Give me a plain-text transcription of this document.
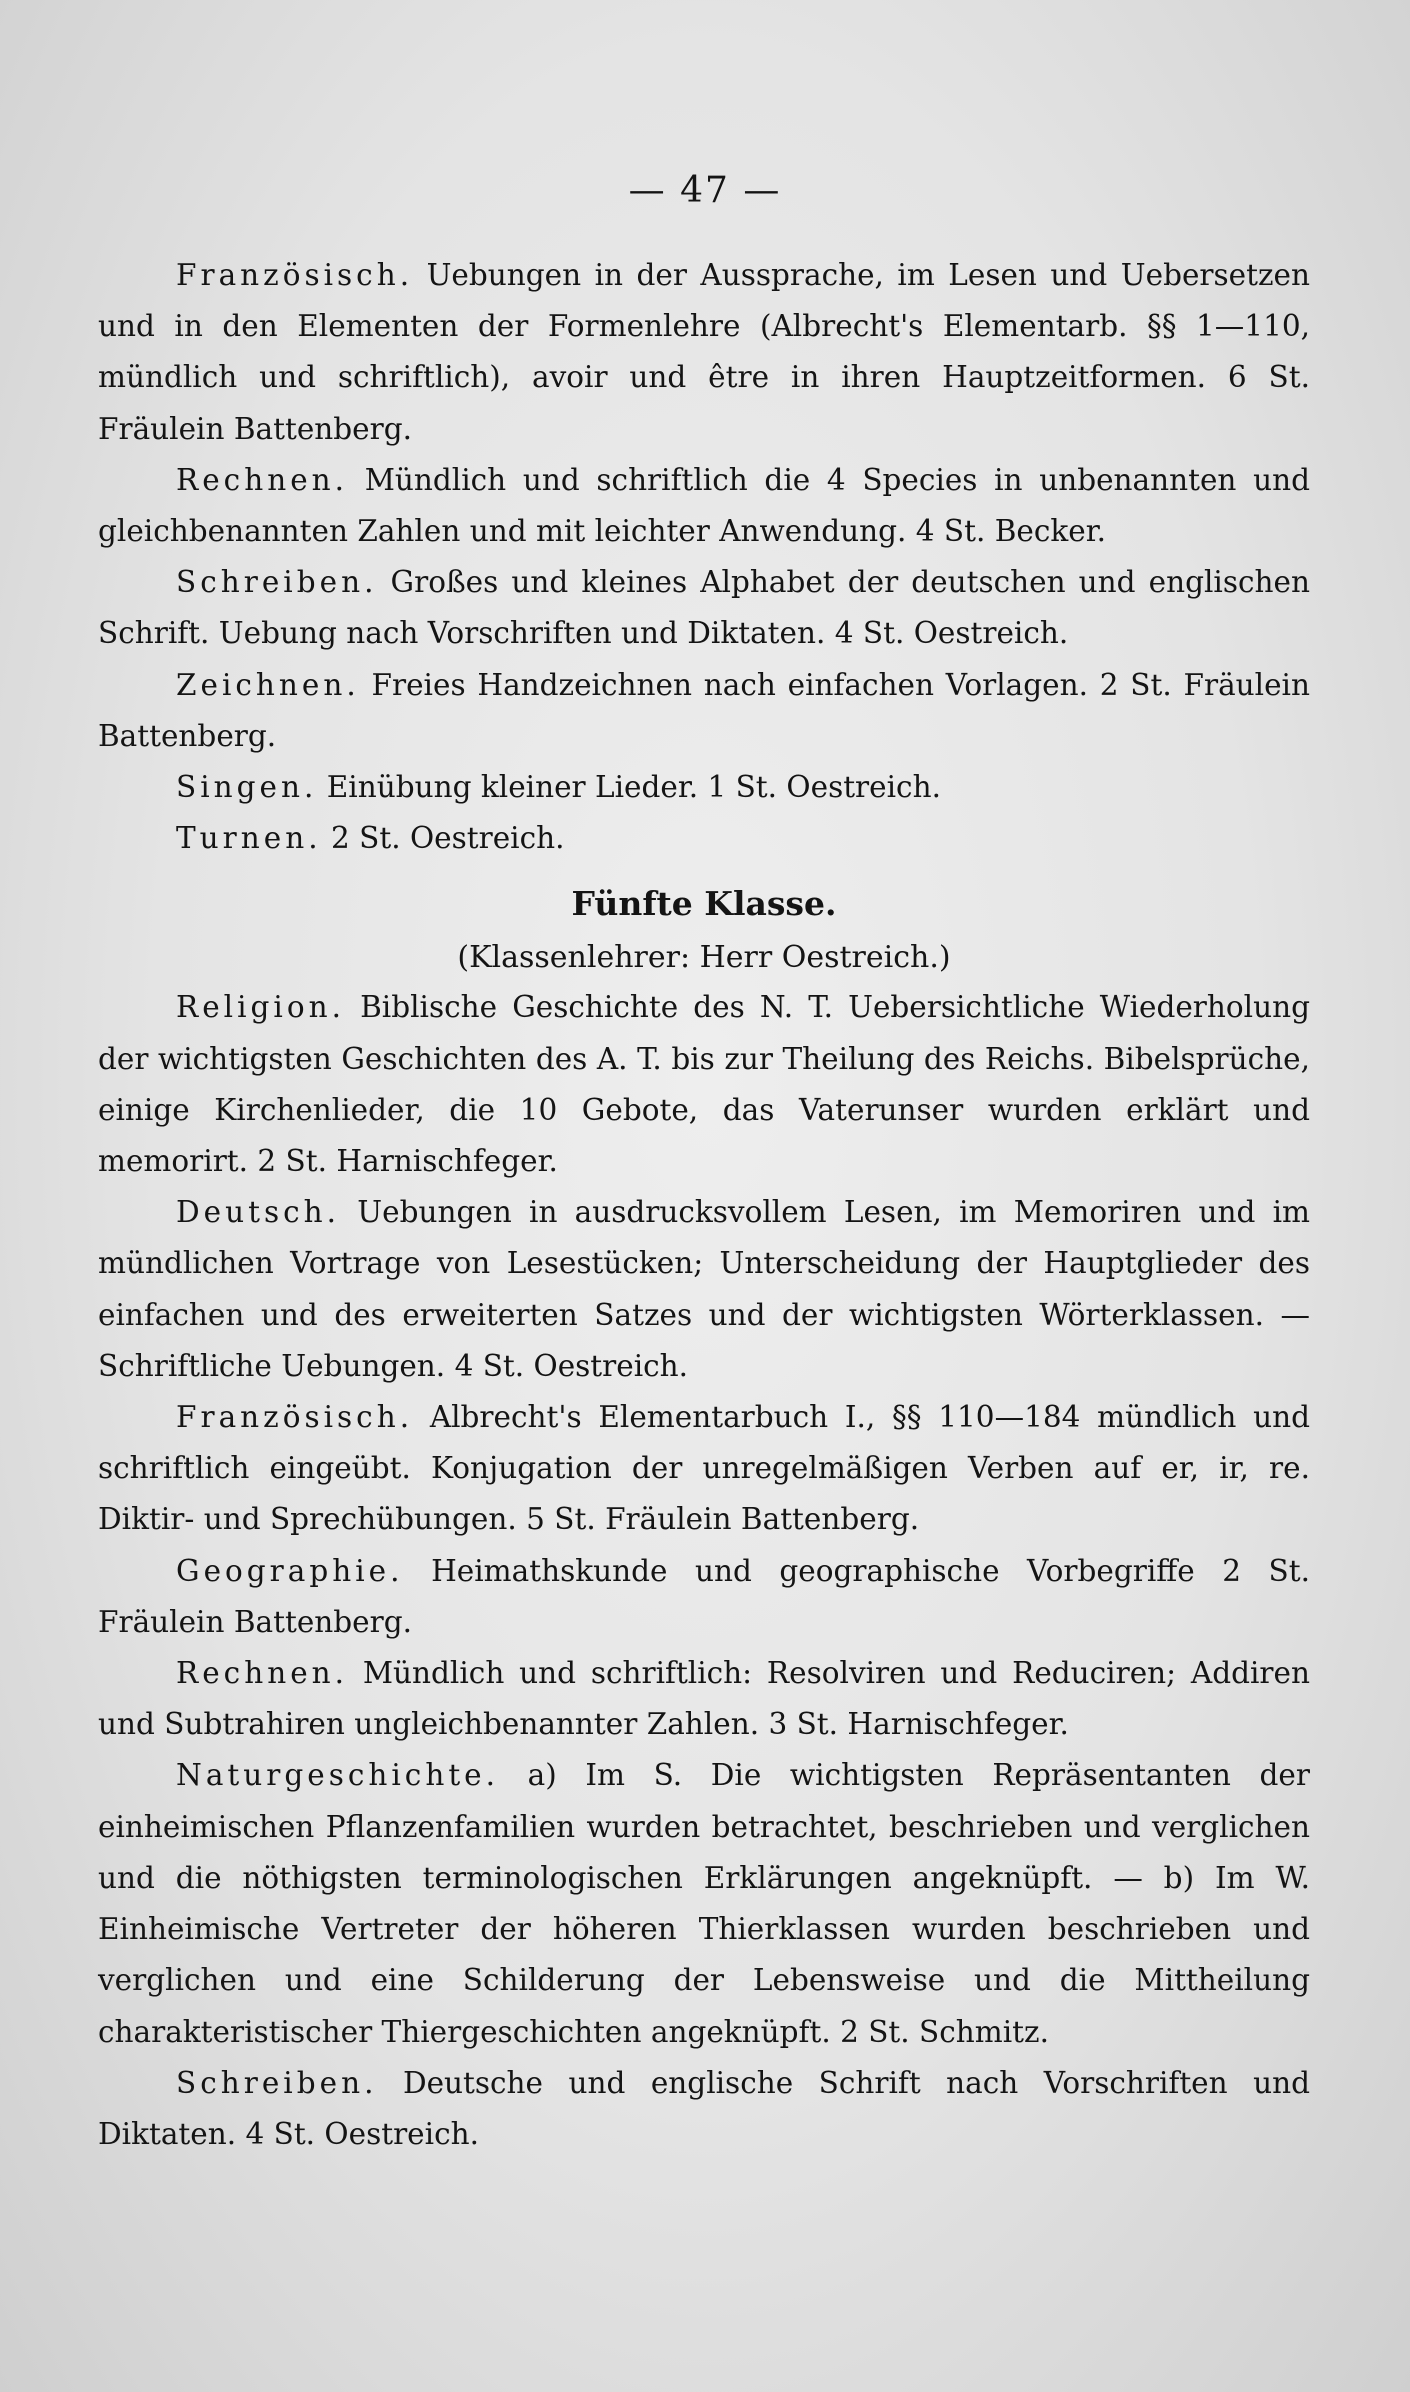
— 47 —

Französisch. Uebungen in der Aussprache, im Lesen und Uebersetzen und in den Elementen der Formenlehre (Albrecht's Elementarb. §§ 1—110, mündlich und schriftlich), avoir und être in ihren Hauptzeitformen. 6 St. Fräulein Battenberg.

Rechnen. Mündlich und schriftlich die 4 Species in unbenannten und gleichbenannten Zahlen und mit leichter Anwendung. 4 St. Becker.

Schreiben. Großes und kleines Alphabet der deutschen und englischen Schrift. Uebung nach Vorschriften und Diktaten. 4 St. Oestreich.

Zeichnen. Freies Handzeichnen nach einfachen Vorlagen. 2 St. Fräulein Battenberg.

Singen. Einübung kleiner Lieder. 1 St. Oestreich.

Turnen. 2 St. Oestreich.

Fünfte Klasse.
(Klassenlehrer: Herr Oestreich.)

Religion. Biblische Geschichte des N. T. Uebersichtliche Wiederholung der wichtigsten Geschichten des A. T. bis zur Theilung des Reichs. Bibelsprüche, einige Kirchenlieder, die 10 Gebote, das Vaterunser wurden erklärt und memorirt. 2 St. Harnischfeger.

Deutsch. Uebungen in ausdrucksvollem Lesen, im Memoriren und im mündlichen Vortrage von Lesestücken; Unterscheidung der Hauptglieder des einfachen und des erweiterten Satzes und der wichtigsten Wörterklassen. — Schriftliche Uebungen. 4 St. Oestreich.

Französisch. Albrecht's Elementarbuch I., §§ 110—184 mündlich und schriftlich eingeübt. Konjugation der unregelmäßigen Verben auf er, ir, re. Diktir- und Sprechübungen. 5 St. Fräulein Battenberg.

Geographie. Heimathskunde und geographische Vorbegriffe 2 St. Fräulein Battenberg.

Rechnen. Mündlich und schriftlich: Resolviren und Reduciren; Addiren und Subtrahiren ungleichbenannter Zahlen. 3 St. Harnischfeger.

Naturgeschichte. a) Im S. Die wichtigsten Repräsentanten der einheimischen Pflanzenfamilien wurden betrachtet, beschrieben und verglichen und die nöthigsten terminologischen Erklärungen angeknüpft. — b) Im W. Einheimische Vertreter der höheren Thierklassen wurden beschrieben und verglichen und eine Schilderung der Lebensweise und die Mittheilung charakteristischer Thiergeschichten angeknüpft. 2 St. Schmitz.

Schreiben. Deutsche und englische Schrift nach Vorschriften und Diktaten. 4 St. Oestreich.
